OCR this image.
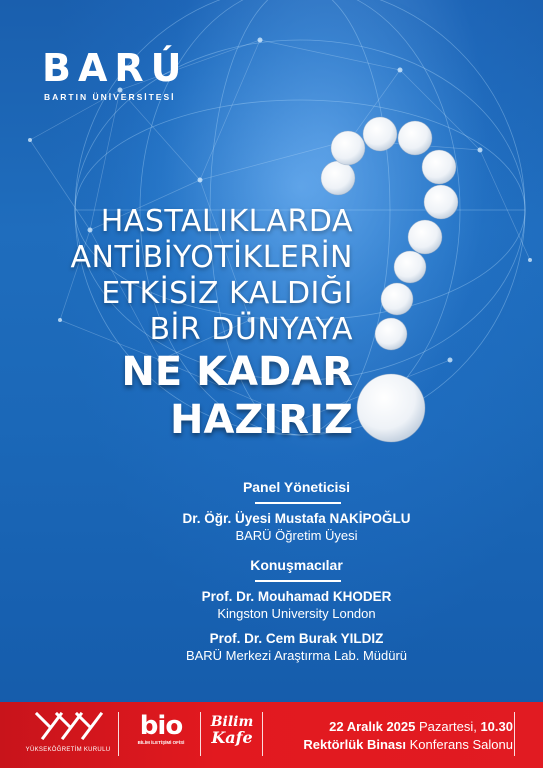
BARÚ
BARTIN ÜNİVERSİTESİ
HASTALIKLARDA
ANTİBİYOTİKLERİN
ETKİSİZ KALDIĞI
BİR DÜNYAYA
NE KADAR
HAZIRIZ
Panel Yöneticisi
Dr. Öğr. Üyesi Mustafa NAKİPOĞLU
BARÜ Öğretim Üyesi
Konuşmacılar
Prof. Dr. Mouhamad KHODER
Kingston University London
Prof. Dr. Cem Burak YILDIZ
BARÜ Merkezi Araştırma Lab. Müdürü
YÜKSEKÖĞRETİM KURULU
bio
BİLİM İLETİŞİMİ OFİSİ
Bilim
Kafe
22 Aralık 2025 Pazartesi, 10.30
Rektörlük Binası Konferans Salonu
